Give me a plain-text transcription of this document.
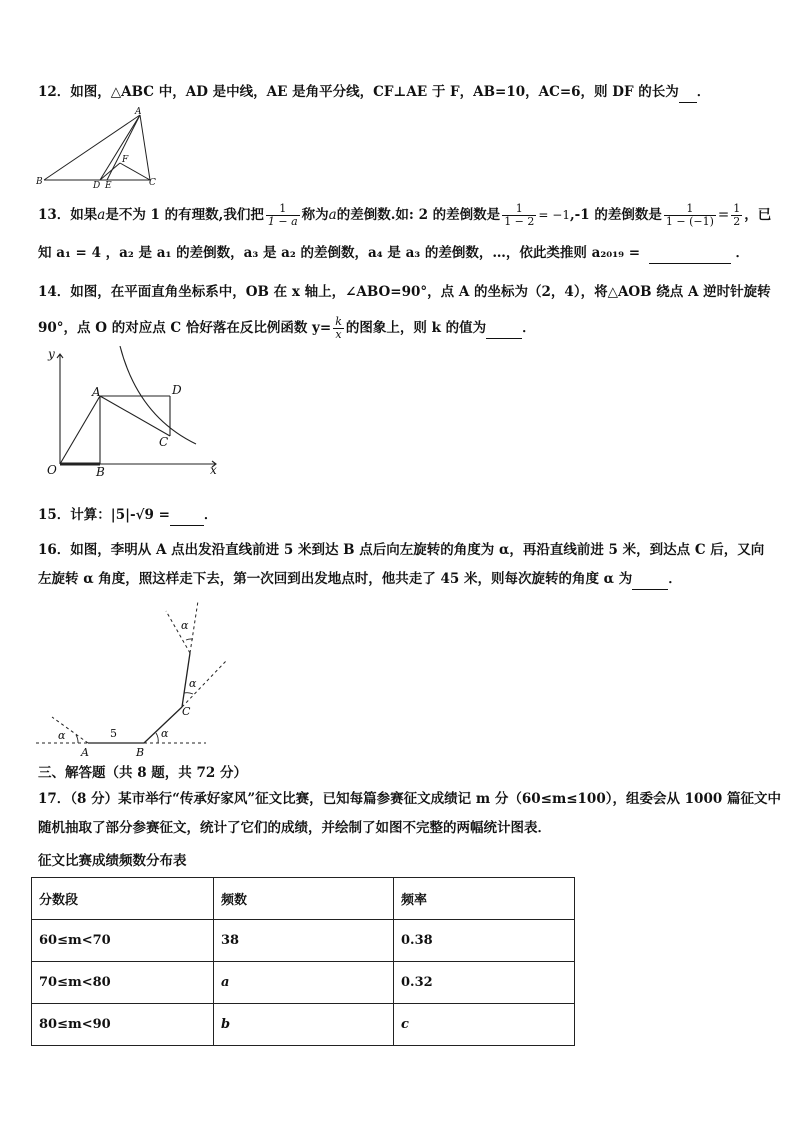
12．如图，△ABC 中，AD 是中线，AE 是角平分线，CF⊥AE 于 F，AB=10，AC=6，则 DF 的长为 ．
A
B	C
D E
F
13．如果a是不为 1 的有理数,我们把 $\frac{1}{1 - a}$ 称为a的差倒数.如: 2 的差倒数是 $\frac{1}{1 - 2} = -1,-1$ 的差倒数是 $\frac{1}{1 - (-1)} = \frac{1}{2}$ ，已
知 a₁ = 4 ，a₂ 是 a₁ 的差倒数，a₃ 是 a₂ 的差倒数，a₄ 是 a₃ 的差倒数，…，依此类推则 a₂₀₁₉ =	．
14．如图，在平面直角坐标系中，OB 在 x 轴上，∠ABO=90°，点 A 的坐标为（2，4），将△AOB 绕点 A 逆时针旋转
90°，点 O 的对应点 C 恰好落在反比例函数 $y= \frac{k}{x}$ 的图象上，则 k 的值为	．
y
x
O
A
B
C
D
15．计算：|5|-√9 =	．
16．如图，李明从 A 点出发沿直线前进 5 米到达 B 点后向左旋转的角度为 α，再沿直线前进 5 米，到达点 C 后，又向
左旋转 α 角度，照这样走下去，第一次回到出发地点时，他共走了 45 米，则每次旋转的角度 α 为	．
A	B
C
5
α	α
α
α
三、解答题（共 8 题，共 72 分）
17．（8 分）某市举行“传承好家风”征文比赛，已知每篇参赛征文成绩记 m 分（60≤m≤100），组委会从 1000 篇征文中
随机抽取了部分参赛征文，统计了它们的成绩，并绘制了如图不完整的两幅统计图表．
征文比赛成绩频数分布表
分数段	频数	频率
60≤m<70	38	0.38
70≤m<80	a	0.32
80≤m<90	b	c
